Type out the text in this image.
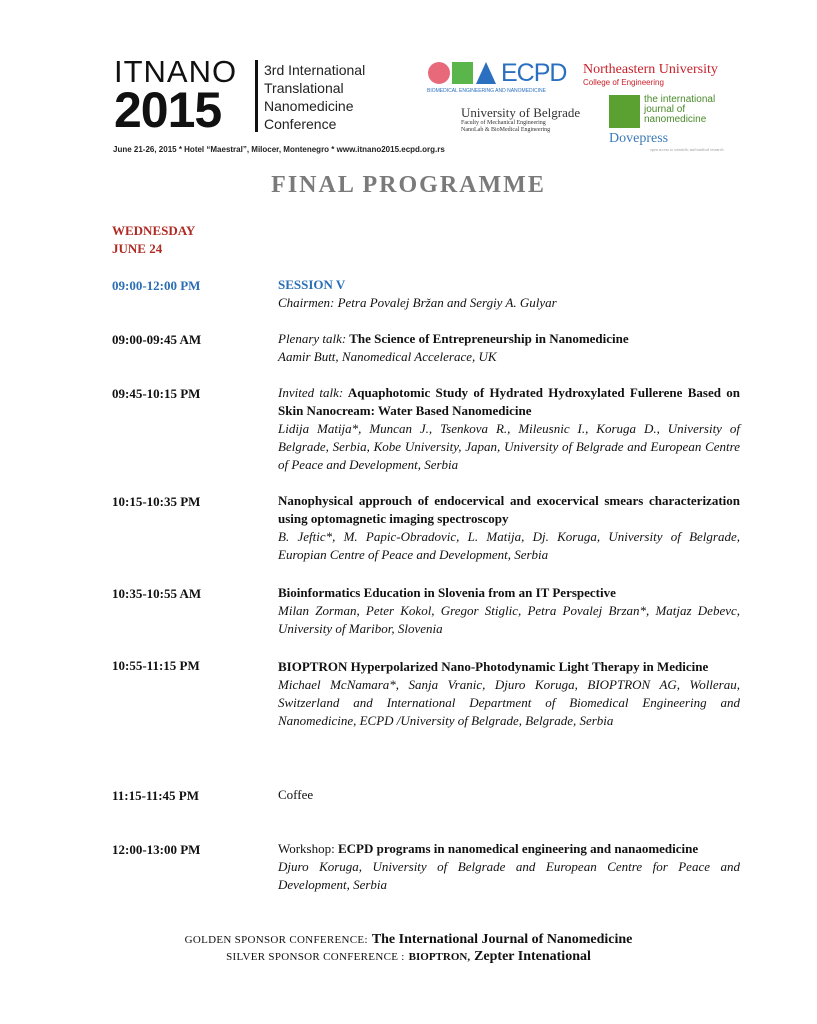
ITNANO
2015
3rd International
Translational
Nanomedicine
Conference
June 21-26, 2015 * Hotel “Maestral”, Milocer, Montenegro * www.itnano2015.ecpd.org.rs
ECPD
BIOMEDICAL ENGINEERING AND NANOMEDICINE
Northeastern University
College of Engineering
University of Belgrade
Faculty of Mechanical Engineering
NanoLab & BioMedical Engineering
the international
journal of
nanomedicine
Dovepress
open access to scientific and medical research
FINAL PROGRAMME
WEDNESDAY
JUNE 24
09:00-12:00 PM	SESSION V
Chairmen: Petra Povalej Bržan and Sergiy A. Gulyar
09:00-09:45 AM	Plenary talk: The Science of Entrepreneurship in Nanomedicine
Aamir Butt, Nanomedical Accelerace, UK
09:45-10:15 PM	Invited talk: Aquaphotomic Study of Hydrated Hydroxylated Fullerene Based on Skin Nanocream: Water Based Nanomedicine
Lidija Matija*, Muncan J., Tsenkova R., Mileusnic I., Koruga D., University of Belgrade, Serbia, Kobe University, Japan, University of Belgrade and European Centre of Peace and Development, Serbia
10:15-10:35 PM	Nanophysical approuch of endocervical and exocervical smears characterization using optomagnetic imaging spectroscopy
B. Jeftic*, M. Papic-Obradovic, L. Matija, Dj. Koruga, University of Belgrade, Europian Centre of Peace and Development, Serbia
10:35-10:55 AM	Bioinformatics Education in Slovenia from an IT Perspective
Milan Zorman, Peter Kokol, Gregor Stiglic, Petra Povalej Brzan*, Matjaz Debevc, University of Maribor, Slovenia
10:55-11:15 PM	BIOPTRON Hyperpolarized Nano-Photodynamic Light Therapy in Medicine
Michael McNamara*, Sanja Vranic, Djuro Koruga, BIOPTRON AG, Wollerau, Switzerland and International Department of Biomedical Engineering and Nanomedicine, ECPD /University of Belgrade, Belgrade, Serbia
11:15-11:45 PM	Coffee
12:00-13:00 PM	Workshop: ECPD programs in nanomedical engineering and nanaomedicine
Djuro Koruga, University of Belgrade and European Centre for Peace and Development, Serbia
GOLDEN SPONSOR CONFERENCE: The International Journal of Nanomedicine
SILVER SPONSOR CONFERENCE : BIOPTRON, Zepter Intenational
